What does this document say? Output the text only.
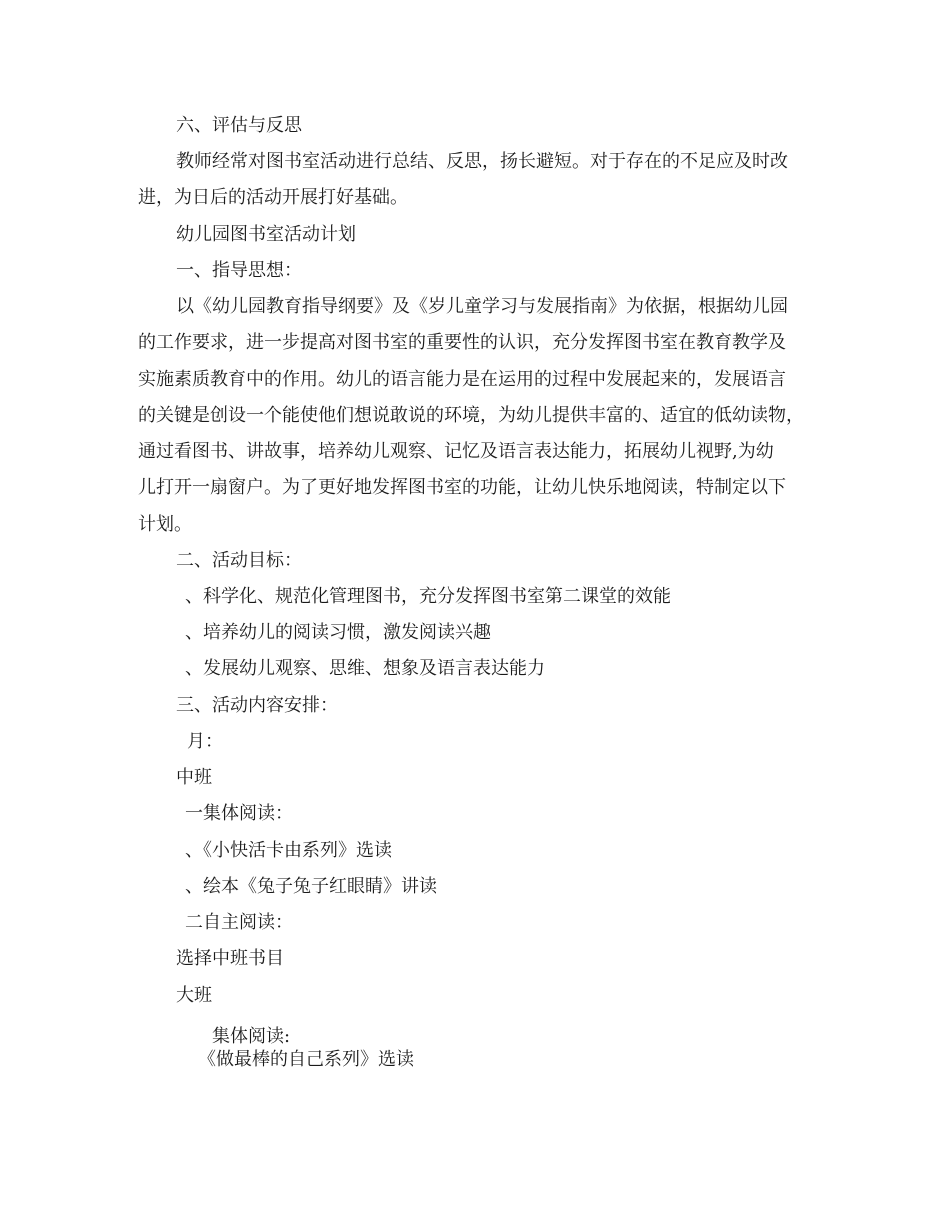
六、评估与反思

教师经常对图书室活动进行总结、反思，扬长避短。对于存在的不足应及时改

进，为日后的活动开展打好基础。

幼儿园图书室活动计划

一、指导思想：

以《幼儿园教育指导纲要》及《岁儿童学习与发展指南》为依据，根据幼儿园

的工作要求，进一步提高对图书室的重要性的认识，充分发挥图书室在教育教学及

实施素质教育中的作用。幼儿的语言能力是在运用的过程中发展起来的，发展语言

的关键是创设一个能使他们想说敢说的环境，为幼儿提供丰富的、适宜的低幼读物，

通过看图书、讲故事，培养幼儿观察、记忆及语言表达能力，拓展幼儿视野,为幼

儿打开一扇窗户。为了更好地发挥图书室的功能，让幼儿快乐地阅读，特制定以下

计划。

二、活动目标：

、科学化、规范化管理图书，充分发挥图书室第二课堂的效能

、培养幼儿的阅读习惯，激发阅读兴趣

、发展幼儿观察、思维、想象及语言表达能力

三、活动内容安排：

月：

中班

一集体阅读：

、《小快活卡由系列》选读

、绘本《兔子兔子红眼睛》讲读

二自主阅读：

选择中班书目

大班

集体阅读:

《做最棒的自己系列》选读
